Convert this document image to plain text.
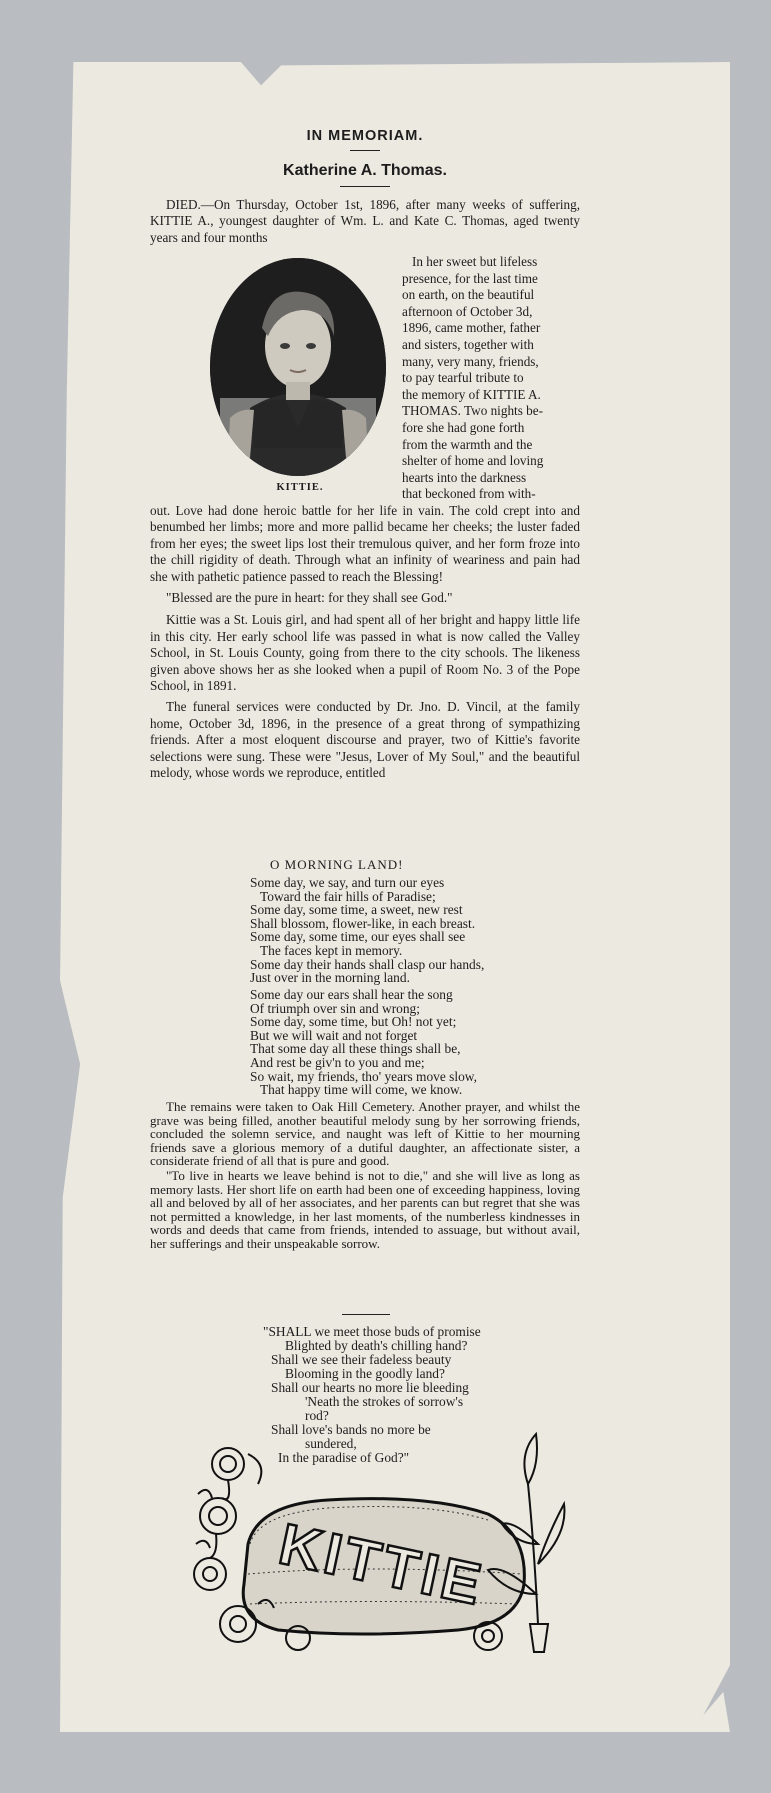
IN MEMORIAM.
Katherine A. Thomas.

DIED.—On Thursday, October 1st, 1896, after many weeks of suffering, KITTIE A., youngest daughter of Wm. L. and Kate C. Thomas, aged twenty years and four months

KITTIE.
In her sweet but lifeless
presence, for the last time
on earth, on the beautiful
afternoon of October 3d,
1896, came mother, father
and sisters, together with
many, very many, friends,
to pay tearful tribute to
the memory of KITTIE A.
THOMAS. Two nights be-
fore she had gone forth
from the warmth and the
shelter of home and loving
hearts into the darkness
that beckoned from with-

out. Love had done heroic battle for her life in vain. The cold crept into and benumbed her limbs; more and more pallid became her cheeks; the luster faded from her eyes; the sweet lips lost their tremulous quiver, and her form froze into the chill rigidity of death. Through what an infinity of weariness and pain had she with pathetic patience passed to reach the Blessing!

"Blessed are the pure in heart: for they shall see God."

Kittie was a St. Louis girl, and had spent all of her bright and happy little life in this city. Her early school life was passed in what is now called the Valley School, in St. Louis County, going from there to the city schools. The likeness given above shows her as she looked when a pupil of Room No. 3 of the Pope School, in 1891.

The funeral services were conducted by Dr. Jno. D. Vincil, at the family home, October 3d, 1896, in the presence of a great throng of sympathizing friends. After a most eloquent discourse and prayer, two of Kittie's favorite selections were sung. These were "Jesus, Lover of My Soul," and the beautiful melody, whose words we reproduce, entitled

O MORNING LAND!
Some day, we say, and turn our eyes
Toward the fair hills of Paradise;
Some day, some time, a sweet, new rest
Shall blossom, flower-like, in each breast.
Some day, some time, our eyes shall see
The faces kept in memory.
Some day their hands shall clasp our hands,
Just over in the morning land.
Some day our ears shall hear the song
Of triumph over sin and wrong;
Some day, some time, but Oh! not yet;
But we will wait and not forget
That some day all these things shall be,
And rest be giv'n to you and me;
So wait, my friends, tho' years move slow,
That happy time will come, we know.

The remains were taken to Oak Hill Cemetery. Another prayer, and whilst the grave was being filled, another beautiful melody sung by her sorrowing friends, concluded the solemn service, and naught was left of Kittie to her mourning friends save a glorious memory of a dutiful daughter, an affectionate sister, a considerate friend of all that is pure and good.

"To live in hearts we leave behind is not to die," and she will live as long as memory lasts. Her short life on earth had been one of exceeding happiness, loving all and beloved by all of her associates, and her parents can but regret that she was not permitted a knowledge, in her last moments, of the numberless kindnesses in words and deeds that came from friends, intended to assuage, but without avail, her sufferings and their unspeakable sorrow.

"SHALL we meet those buds of promise
Blighted by death's chilling hand?
Shall we see their fadeless beauty
Blooming in the goodly land?
Shall our hearts no more lie bleeding
'Neath the strokes of sorrow's
rod?
Shall love's bands no more be
sundered,
In the paradise of God?"
KITTIE
